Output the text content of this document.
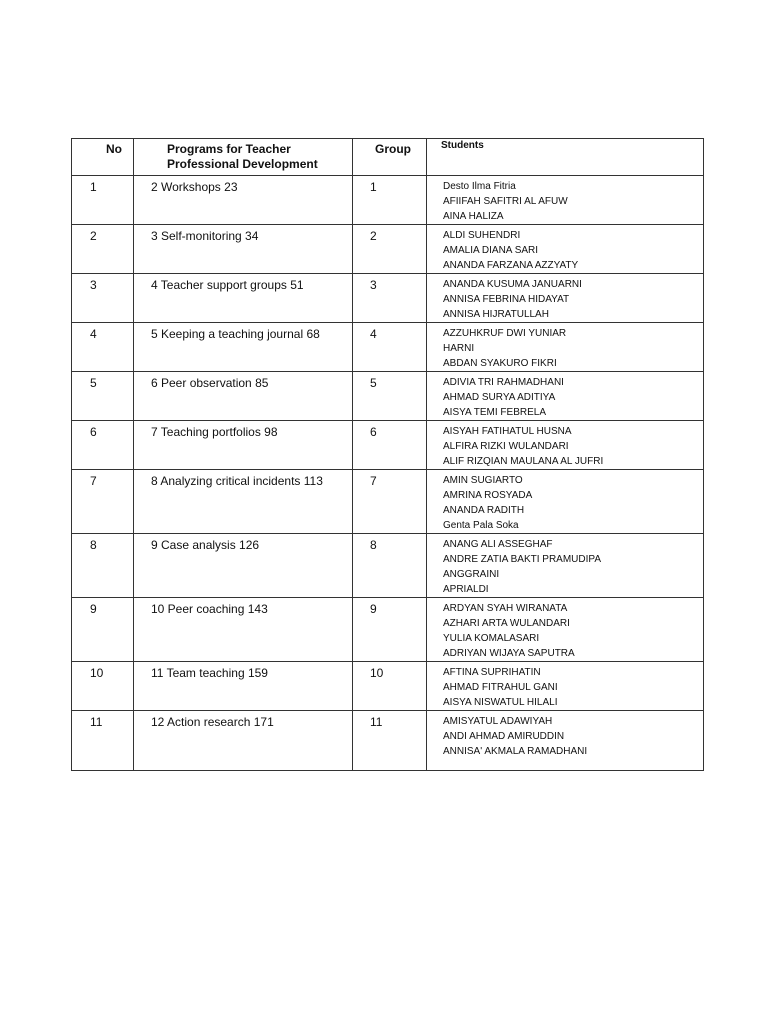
No	Programs for Teacher
Professional Development	Group	Students
1	2 Workshops 23	1	Desto Ilma Fitria
AFIIFAH SAFITRI AL AFUW
AINA HALIZA

2	3 Self-monitoring 34	2	ALDI SUHENDRI
AMALIA DIANA SARI
ANANDA FARZANA AZZYATY

3	4 Teacher support groups 51	3	ANANDA KUSUMA JANUARNI
ANNISA FEBRINA HIDAYAT
ANNISA HIJRATULLAH

4	5 Keeping a teaching journal 68	4	AZZUHKRUF DWI YUNIAR
HARNI
ABDAN SYAKURO FIKRI

5	6 Peer observation 85	5	ADIVIA TRI RAHMADHANI
AHMAD SURYA ADITIYA
AISYA TEMI FEBRELA

6	7 Teaching portfolios 98	6	AISYAH FATIHATUL HUSNA
ALFIRA RIZKI WULANDARI
ALIF RIZQIAN MAULANA AL JUFRI

7	8 Analyzing critical incidents 113	7	AMIN SUGIARTO
AMRINA ROSYADA
ANANDA RADITH
Genta Pala Soka

8	9 Case analysis 126	8	ANANG ALI ASSEGHAF
ANDRE ZATIA BAKTI PRAMUDIPA
ANGGRAINI
APRIALDI

9	10 Peer coaching 143	9	ARDYAN SYAH WIRANATA
AZHARI ARTA WULANDARI
YULIA KOMALASARI
ADRIYAN WIJAYA SAPUTRA

10	11 Team teaching 159	10	AFTINA SUPRIHATIN
AHMAD FITRAHUL GANI
AISYA NISWATUL HILALI

11	12 Action research 171	11	AMISYATUL ADAWIYAH
ANDI AHMAD AMIRUDDIN
ANNISA' AKMALA RAMADHANI
